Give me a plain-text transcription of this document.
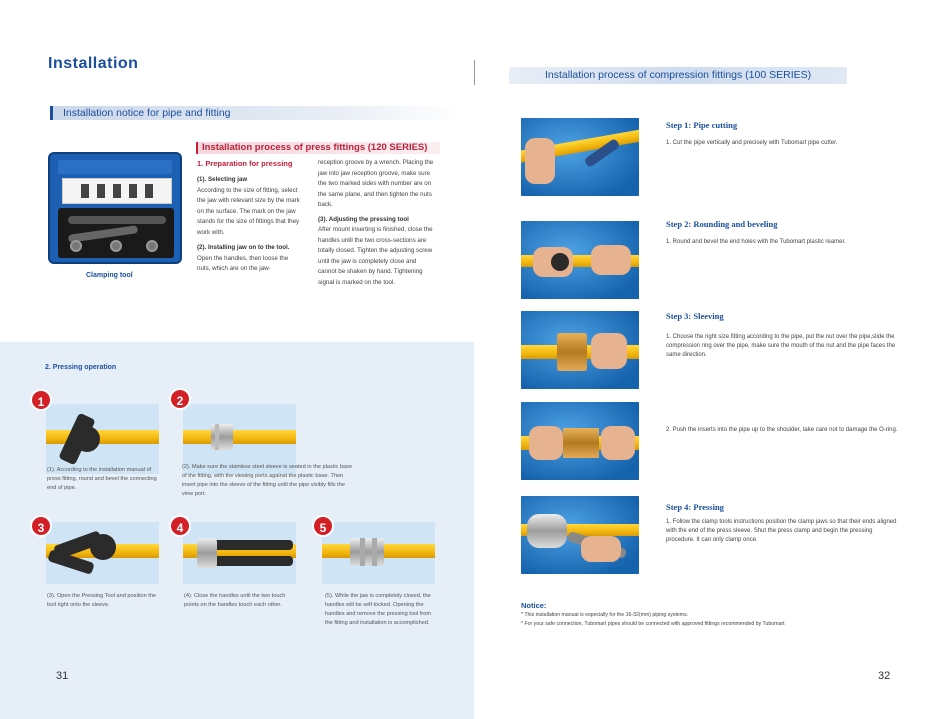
Installation
Installation notice for pipe and fitting
Clamping tool
Installation process of press fittings (120 SERIES)
1. Preparation for pressing
(1). Selecting jaw
According to the size of fitting, select the jaw with relevant size by the mark on the surface. The mark on the jaw stands for the size of fittings that they work with.
(2). Installing jaw on to the tool.
Open the handles, then loose the nuts, which are on the jaw-
reception groove by a wrench. Placing the jaw into jaw reception groove, make sure the two marked sides with number are on the same plane, and then tighten the nuts back.
(3). Adjusting the pressing tool
After mount inserting is finished, close the handles until the two cross-sections are totally closed. Tighten the adjusting screw until the jaw is completely close and cannot be shaken by hand. Tightening signal is marked on the tool.
2. Pressing operation
1
(1). According to the installation manual of press fitting, round and bevel the connecting end of pipe.
2
(2). Make sure the stainless steel sleeve is seated in the plastic base of the fitting, with the viewing ports against the plastic base. Then insert pipe into the sleeve of the fitting until the pipe visibly fills the view port.
3
(3). Open the Pressing Tool and position the tool right onto the sleeve.
4
(4). Close the handles until the two touch points on the handles touch each other.
5
(5). While the jaw is completely closed, the handles will be self-locked. Opening the handles and remove the pressing tool from the fitting and installation is accomplished.
31
Installation process of compression fittings (100 SERIES)
Step 1: Pipe cutting
1. Cut the pipe vertically and precisely with Tubomart pipe cutter.
Step 2: Rounding and beveling
1. Round and bevel the end holes with the Tubomart plastic reamer.
Step 3: Sleeving
1. Choose the right size fitting according to the pipe, put the nut over the pipe,slide the compression ring over the pipe, make sure the mouth of the nut and the pipe faces the same direction.
2. Push the inserts into the pipe up to the shoulder, take care not to damage the O-ring.
Step 4: Pressing
1. Follow the clamp tools instructions position the clamp jaws so that their ends aligned with the end of the press sleeve. Shut the press clamp and begin the pressing procedure. It can only clamp once.
Notice:
* This installation manual is especially for the 16-32(mm) piping systems.
* For your safe connection, Tubomart pipes should be connected with approved fittings recommended by Tubomart
32
